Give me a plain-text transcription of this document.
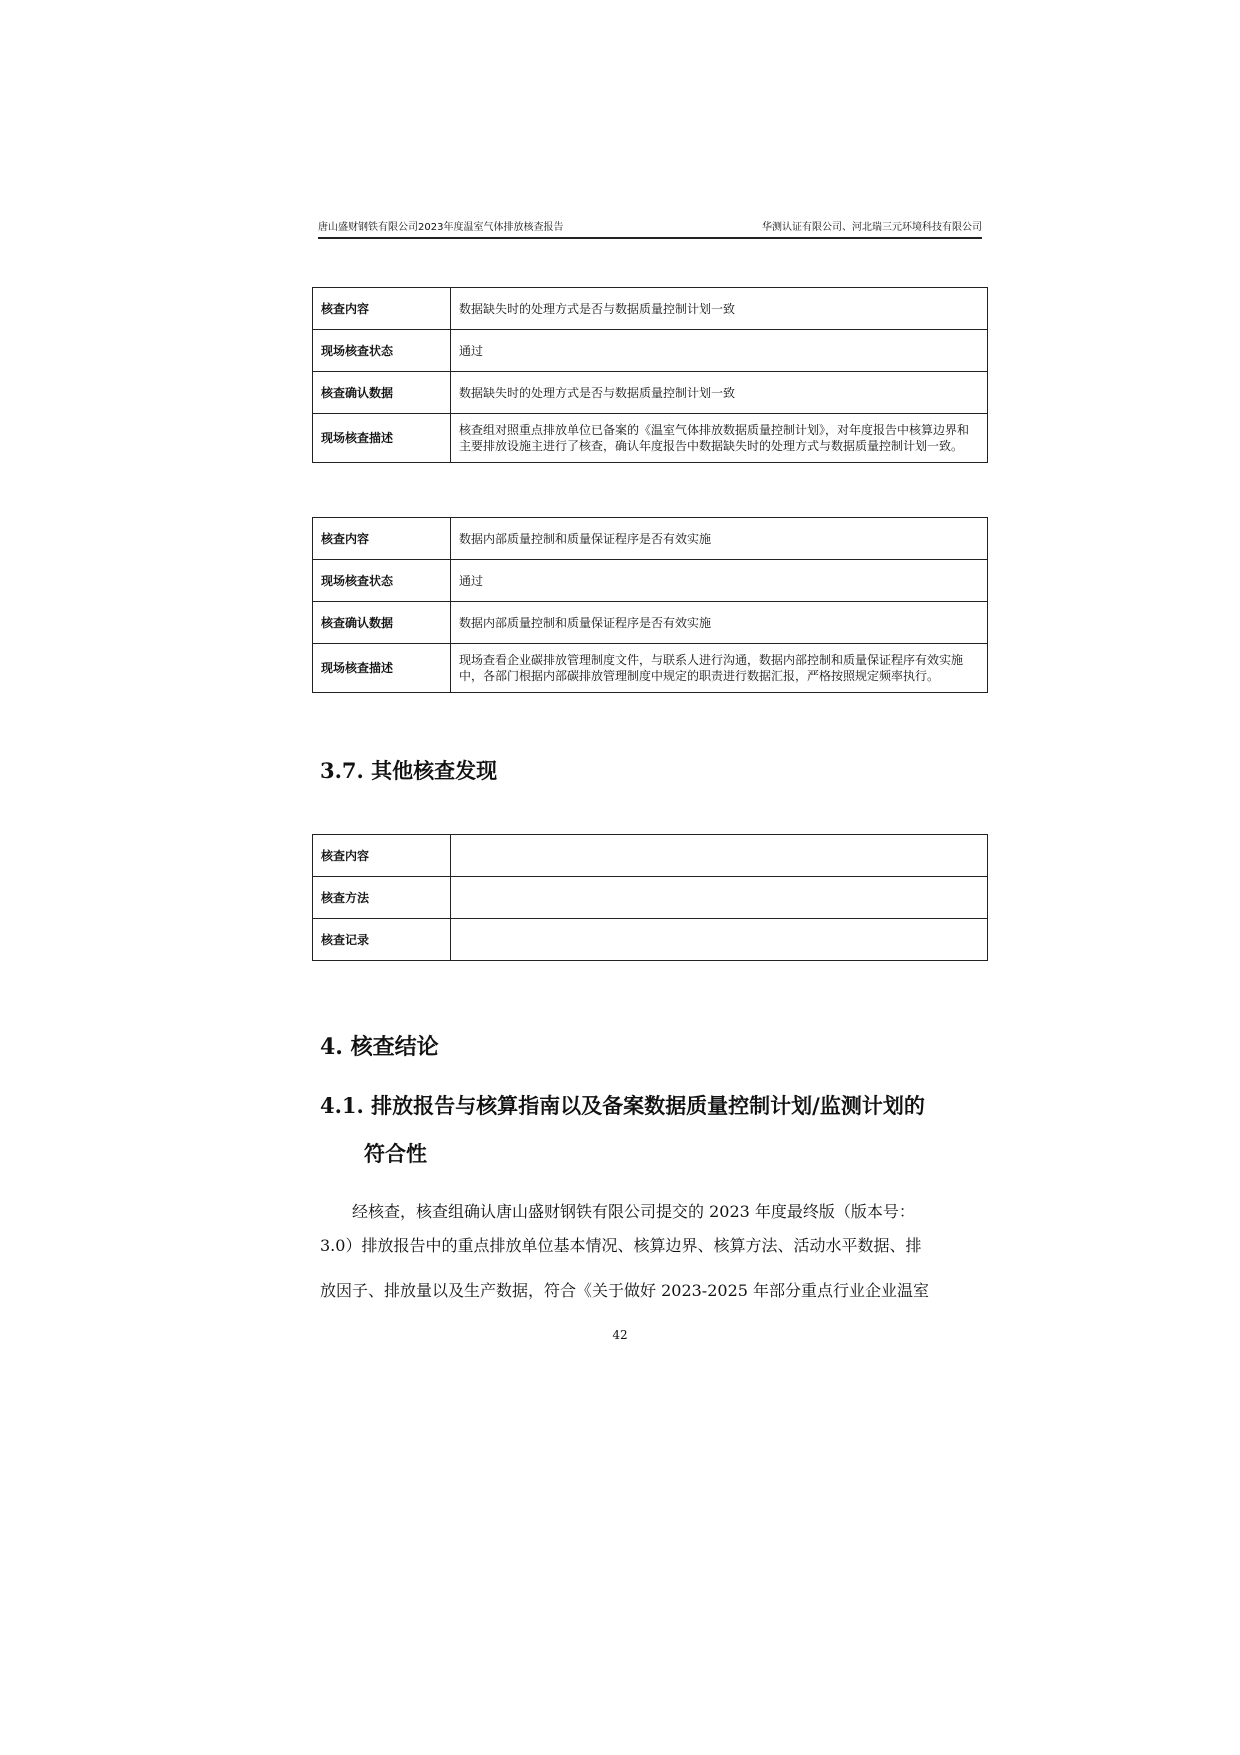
唐山盛财钢铁有限公司2023年度温室气体排放核查报告	华测认证有限公司、河北瑞三元环境科技有限公司
核查内容	数据缺失时的处理方式是否与数据质量控制计划一致
现场核查状态	通过
核查确认数据	数据缺失时的处理方式是否与数据质量控制计划一致
现场核查描述	核查组对照重点排放单位已备案的《温室气体排放数据质量控制计划》，对年度报告中核算边界和主要排放设施主进行了核查，确认年度报告中数据缺失时的处理方式与数据质量控制计划一致。
核查内容	数据内部质量控制和质量保证程序是否有效实施
现场核查状态	通过
核查确认数据	数据内部质量控制和质量保证程序是否有效实施
现场核查描述	现场查看企业碳排放管理制度文件，与联系人进行沟通，数据内部控制和质量保证程序有效实施中，各部门根据内部碳排放管理制度中规定的职责进行数据汇报，严格按照规定频率执行。
3.7. 其他核查发现
核查内容	
核查方法	
核查记录	
4. 核查结论
4.1. 排放报告与核算指南以及备案数据质量控制计划/监测计划的
符合性
经核查，核查组确认唐山盛财钢铁有限公司提交的 2023 年度最终版（版本号：
3.0）排放报告中的重点排放单位基本情况、核算边界、核算方法、活动水平数据、排
放因子、排放量以及生产数据，符合《关于做好 2023-2025 年部分重点行业企业温室
42
